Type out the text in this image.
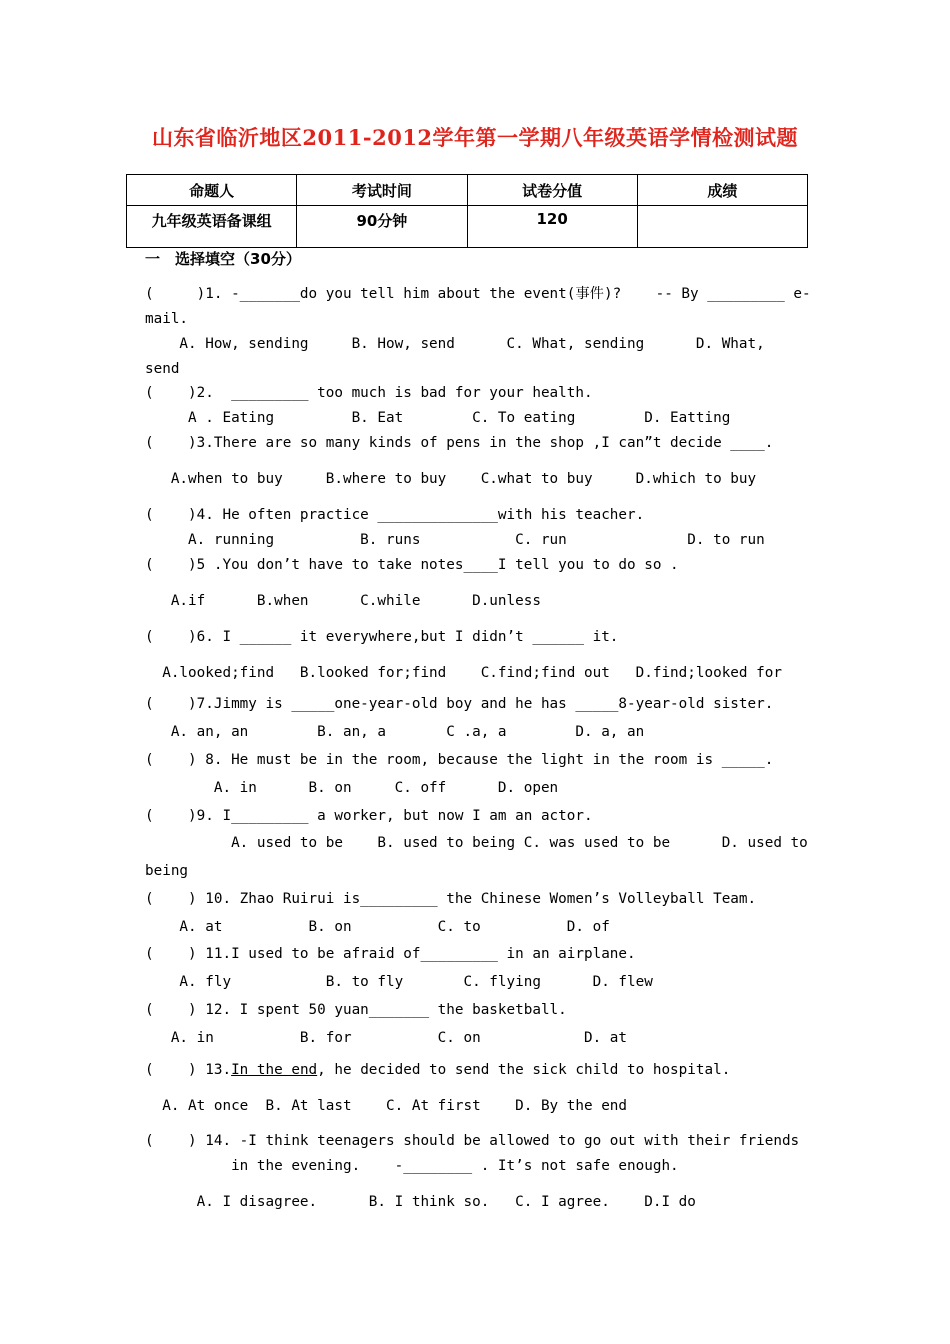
山东省临沂地区2011-2012学年第一学期八年级英语学情检测试题
命题人	考试时间	试卷分值	成绩
九年级英语备课组	90分钟	120	
一　选择填空（30分）
(     )1. -_______do you tell him about the event(事件)?    -- By _________ e-
mail.
A. How, sending     B. How, send      C. What, sending      D. What,
send
(    )2.  _________ too much is bad for your health.
A . Eating         B. Eat        C. To eating        D. Eatting
(    )3.There are so many kinds of pens in the shop ,I can”t decide ____.
A.when to buy     B.where to buy    C.what to buy     D.which to buy
(    )4. He often practice ______________with his teacher.
A. running          B. runs           C. run              D. to run
(    )5 .You don’t have to take notes____I tell you to do so .
A.if      B.when      C.while      D.unless
(    )6. I ______ it everywhere,but I didn’t ______ it.
A.looked;find   B.looked for;find    C.find;find out   D.find;looked for
(    )7.Jimmy is _____one-year-old boy and he has _____8-year-old sister.
A. an, an        B. an, a       C .a, a        D. a, an
(    ) 8. He must be in the room, because the light in the room is _____.
A. in      B. on     C. off      D. open
(    )9. I_________ a worker, but now I am an actor.
A. used to be    B. used to being C. was used to be      D. used to
being
(    ) 10. Zhao Ruirui is_________ the Chinese Women’s Volleyball Team.
A. at          B. on          C. to          D. of
(    ) 11.I used to be afraid of_________ in an airplane.
A. fly           B. to fly       C. flying      D. flew
(    ) 12. I spent 50 yuan_______ the basketball.
A. in          B. for          C. on            D. at
(    ) 13.In the end, he decided to send the sick child to hospital.
A. At once  B. At last    C. At first    D. By the end
(    ) 14. -I think teenagers should be allowed to go out with their friends
in the evening.    -________ . It’s not safe enough.
A. I disagree.      B. I think so.   C. I agree.    D.I do
